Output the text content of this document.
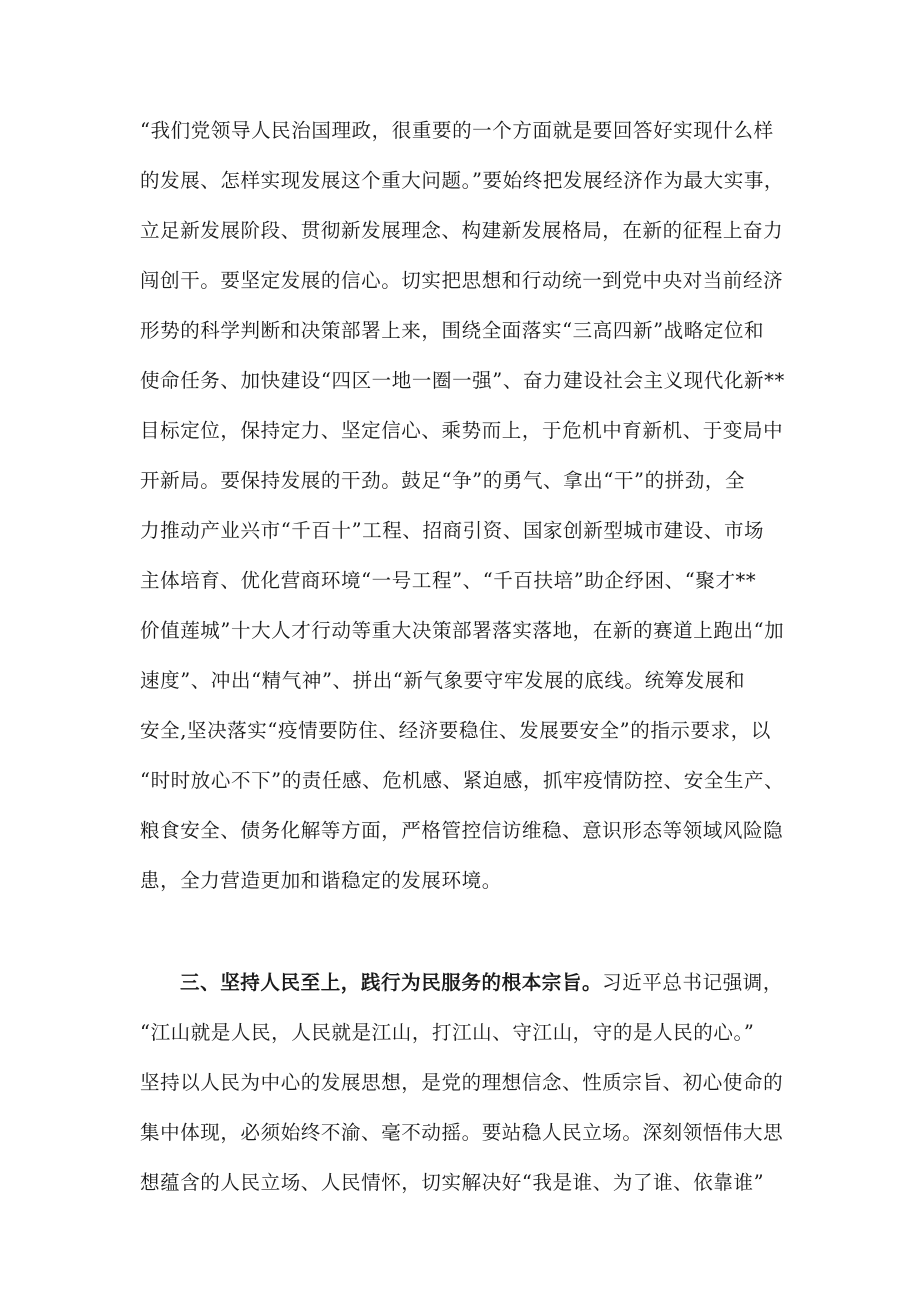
“我们党领导人民治国理政，很重要的一个方面就是要回答好实现什么样
的发展、怎样实现发展这个重大问题。”要始终把发展经济作为最大实事，
立足新发展阶段、贯彻新发展理念、构建新发展格局，在新的征程上奋力
闯创干。要坚定发展的信心。切实把思想和行动统一到党中央对当前经济
形势的科学判断和决策部署上来，围绕全面落实“三高四新”战略定位和
使命任务、加快建设“四区一地一圈一强”、奋力建设社会主义现代化新**
目标定位，保持定力、坚定信心、乘势而上，于危机中育新机、于变局中
开新局。要保持发展的干劲。鼓足“争”的勇气、拿出“干”的拼劲，全
力推动产业兴市“千百十”工程、招商引资、国家创新型城市建设、市场
主体培育、优化营商环境“一号工程”、“千百扶培”助企纾困、“聚才**
价值莲城”十大人才行动等重大决策部署落实落地，在新的赛道上跑出“加
速度”、冲出“精气神”、拼出“新气象要守牢发展的底线。统筹发展和
安全,坚决落实“疫情要防住、经济要稳住、发展要安全”的指示要求，以
“时时放心不下”的责任感、危机感、紧迫感，抓牢疫情防控、安全生产、
粮食安全、债务化解等方面，严格管控信访维稳、意识形态等领域风险隐
患，全力营造更加和谐稳定的发展环境。
三、坚持人民至上，践行为民服务的根本宗旨。习近平总书记强调，
“江山就是人民，人民就是江山，打江山、守江山，守的是人民的心。”
坚持以人民为中心的发展思想，是党的理想信念、性质宗旨、初心使命的
集中体现，必须始终不渝、毫不动摇。要站稳人民立场。深刻领悟伟大思
想蕴含的人民立场、人民情怀，切实解决好“我是谁、为了谁、依靠谁”
